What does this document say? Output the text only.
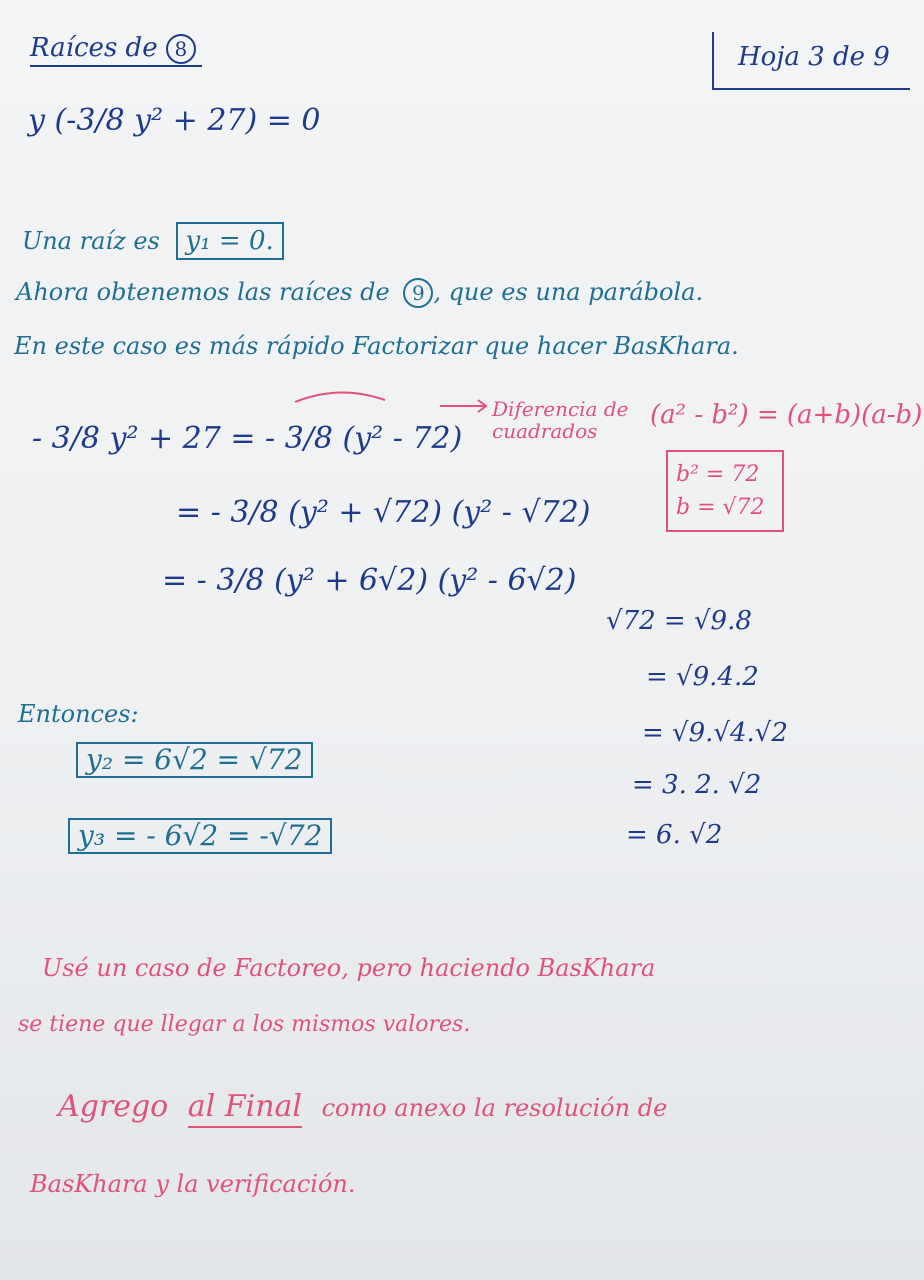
Raíces de 8	Hoja 3 de 9
y (-3/8 y² + 27) = 0
Una raíz es y₁ = 0.
Ahora obtenemos las raíces de 9 , que es una parábola.
En este caso es más rápido Factorizar que hacer BasKhara.
Diferencia de cuadrados
(a² - b²) = (a+b)(a-b)
b² = 72
b = √72
- 3/8 y² + 27 = - 3/8 (y² - 72)
= - 3/8 (y² + √72) (y² - √72)
= - 3/8 (y² + 6√2) (y² - 6√2)
√72 = √9.8
= √9.4.2
= √9.√4.√2
= 3. 2. √2
= 6. √2
Entonces:
y₂ = 6√2 = √72
y₃ = - 6√2 = -√72
Usé un caso de Factoreo, pero haciendo BasKhara
se tiene que llegar a los mismos valores.
Agrego al Final como anexo la resolución de
BasKhara y la verificación.
